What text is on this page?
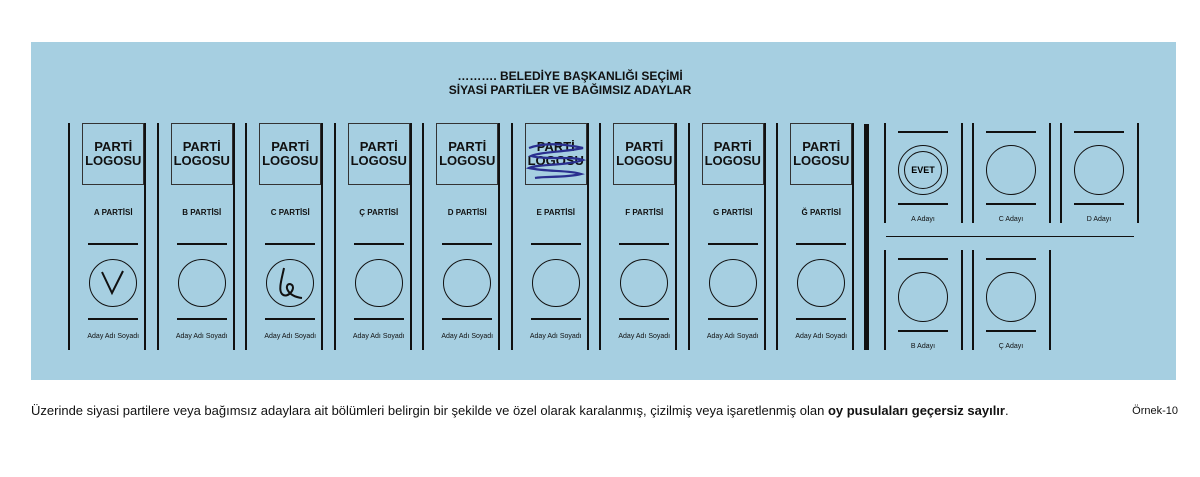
………. BELEDİYE BAŞKANLIĞI SEÇİMİ
SİYASİ PARTİLER VE BAĞIMSIZ ADAYLAR
PARTİ
LOGOSU
A PARTİSİ
Aday Adı Soyadı
PARTİ
LOGOSU
B PARTİSİ
Aday Adı Soyadı
PARTİ
LOGOSU
C PARTİSİ
Aday Adı Soyadı
PARTİ
LOGOSU
Ç PARTİSİ
Aday Adı Soyadı
PARTİ
LOGOSU
D PARTİSİ
Aday Adı Soyadı
PARTİ
LOGOSU
E PARTİSİ
Aday Adı Soyadı
PARTİ
LOGOSU
F PARTİSİ
Aday Adı Soyadı
PARTİ
LOGOSU
G PARTİSİ
Aday Adı Soyadı
PARTİ
LOGOSU
Ğ PARTİSİ
Aday Adı Soyadı
EVET
A Adayı	C Adayı	D Adayı
B Adayı	Ç Adayı
Üzerinde siyasi partilere veya bağımsız adaylara ait bölümleri belirgin bir şekilde ve özel olarak karalanmış, çizilmiş veya işaretlenmiş olan oy pusulaları geçersiz sayılır.	Örnek-10
